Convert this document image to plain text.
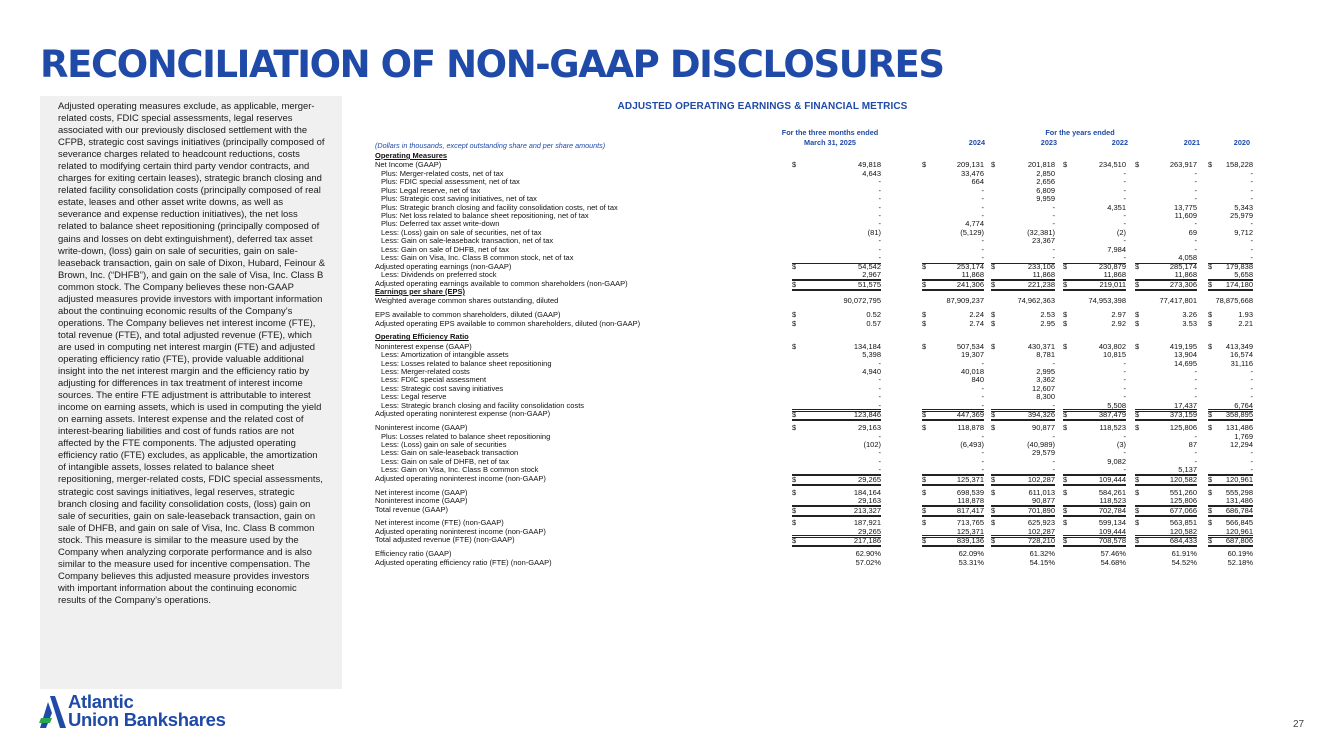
RECONCILIATION OF NON-GAAP DISCLOSURES

Adjusted operating measures exclude, as applicable, merger-related costs, FDIC special assessments, legal reserves associated with our previously disclosed settlement with the CFPB, strategic cost savings initiatives (principally composed of severance charges related to headcount reductions, costs related to modifying certain third party vendor contracts, and charges for exiting certain leases), strategic branch closing and related facility consolidation costs (principally composed of real estate, leases and other asset write downs, as well as severance and expense reduction initiatives), the net loss related to balance sheet repositioning (principally composed of gains and losses on debt extinguishment), deferred tax asset write-down, (loss) gain on sale of securities, gain on sale-leaseback transaction, gain on sale of Dixon, Hubard, Feinour & Brown, Inc. (“DHFB”), and gain on the sale of Visa, Inc. Class B common stock. The Company believes these non-GAAP adjusted measures provide investors with important information about the continuing economic results of the Company’s operations. The Company believes net interest income (FTE), total revenue (FTE), and total adjusted revenue (FTE), which are used in computing net interest margin (FTE) and adjusted operating efficiency ratio (FTE), provide valuable additional insight into the net interest margin and the efficiency ratio by adjusting for differences in tax treatment of interest income sources. The entire FTE adjustment is attributable to interest income on earning assets, which is used in computing the yield on earning assets. Interest expense and the related cost of interest-bearing liabilities and cost of funds ratios are not affected by the FTE components. The adjusted operating efficiency ratio (FTE) excludes, as applicable, the amortization of intangible assets, losses related to balance sheet repositioning, merger-related costs, FDIC special assessments, strategic cost savings initiatives, legal reserves, strategic branch closing and facility consolidation costs, (loss) gain on sale of securities, gain on sale-leaseback transaction, gain on sale of DHFB, and gain on sale of Visa, Inc. Class B common stock. This measure is similar to the measure used by the Company when analyzing corporate performance and is also similar to the measure used for incentive compensation. The Company believes this adjusted measure provides investors with important information about the continuing economic results of the Company’s operations.

Atlantic
Union Bankshares	27
ADJUSTED OPERATING EARNINGS & FINANCIAL METRICS
For the three months ended
March 31, 2025
For the years ended
2024	2023	2022	2021	2020
(Dollars in thousands, except outstanding share and per share amounts)
Operating Measures
Net Income (GAAP)	$	49,818	$	209,131 $	201,818 $	234,510 $	263,917 $ 158,228
Plus: Merger-related costs, net of tax	4,643	33,476	2,850	-	-	-
Plus: FDIC special assessment, net of tax	-	664	2,656	-	-	-
Plus: Legal reserve, net of tax	-	-	6,809	-	-	-
Plus: Strategic cost saving initiatives, net of tax	-	-	9,959	-	-	-
Plus: Strategic branch closing and facility consolidation costs, net of tax	-	-	-	4,351	13,775	5,343
Plus: Net loss related to balance sheet repositioning, net of tax	-	-	-	-	11,609	25,979
Plus: Deferred tax asset write-down	-	4,774	-	-	-	-
Less: (Loss) gain on sale of securities, net of tax	(81)	(5,129)	(32,381)	(2)	69	9,712
Less: Gain on sale-leaseback transaction, net of tax	-	-	23,367	-	-	-
Less: Gain on sale of DHFB, net of tax	-	-	-	7,984	-	-
Less: Gain on Visa, Inc. Class B common stock, net of tax	-	-	-	-	4,058	-
Adjusted operating earnings (non-GAAP)	$	54,542	$	253,174 $	233,106 $	230,879 $	285,174 $ 179,838
Less: Dividends on preferred stock	2,967	11,868	11,868	11,868	11,868	5,658
Adjusted operating earnings available to common shareholders (non-GAAP)	$	51,575	$	241,306 $	221,238 $	219,011 $	273,306 $ 174,180
Earnings per share (EPS)
Weighted average common shares outstanding, diluted	90,072,795	87,909,237	74,962,363	74,953,398	77,417,801 78,875,668
EPS available to common shareholders, diluted (GAAP)	$	0.52	$	2.24 $	2.53 $	2.97 $	3.26 $	1.93
Adjusted operating EPS available to common shareholders, diluted (non-GAAP)	$	0.57	$	2.74 $	2.95 $	2.92 $	3.53 $	2.21
Operating Efficiency Ratio
Noninterest expense (GAAP)	$	134,184	$	507,534 $	430,371 $	403,802 $	419,195 $ 413,349
Less: Amortization of intangible assets	5,398	19,307	8,781	10,815	13,904	16,574
Less: Losses related to balance sheet repositioning	-	-	-	-	14,695	31,116
Less: Merger-related costs	4,940	40,018	2,995	-	-	-
Less: FDIC special assessment	-	840	3,362	-	-	-
Less: Strategic cost saving initiatives	-	-	12,607	-	-	-
Less: Legal reserve	-	-	8,300	-	-	-
Less: Strategic branch closing and facility consolidation costs	-	-	-	5,508	17,437	6,764
Adjusted operating noninterest expense (non-GAAP)	$	123,846	$	447,369 $	394,326 $	387,479 $	373,159 $ 358,895
Noninterest income (GAAP)	$	29,163	$	118,878 $	90,877 $	118,523 $	125,806 $ 131,486
Plus: Losses related to balance sheet repositioning	-	-	-	-	-	1,769
Less: (Loss) gain on sale of securities	(102)	(6,493)	(40,989)	(3)	87	12,294
Less: Gain on sale-leaseback transaction	-	-	29,579	-	-	-
Less: Gain on sale of DHFB, net of tax	-	-	-	9,082	-	-
Less: Gain on Visa, Inc. Class B common stock	-	-	-	-	5,137	-
Adjusted operating noninterest income (non-GAAP)	$	29,265	$	125,371 $	102,287 $	109,444 $	120,582 $ 120,961
Net interest income (GAAP)	$	184,164	$	698,539 $	611,013 $	584,261 $	551,260 $ 555,298
Noninterest income (GAAP)	29,163	118,878	90,877	118,523	125,806	131,486
Total revenue (GAAP)	$	213,327	$	817,417 $	701,890 $	702,784 $	677,066 $ 686,784
Net interest income (FTE) (non-GAAP)	$	187,921	$	713,765 $	625,923 $	599,134 $	563,851 $ 566,845
Adjusted operating noninterest income (non-GAAP)	29,265	125,371	102,287	109,444	120,582	120,961
Total adjusted revenue (FTE) (non-GAAP)	$	217,186	$	839,136 $	728,210 $	708,578 $	684,433 $ 687,806
Efficiency ratio (GAAP)	62.90%	62.09%	61.32%	57.46%	61.91%	60.19%
Adjusted operating efficiency ratio (FTE) (non-GAAP)	57.02%	53.31%	54.15%	54.68%	54.52%	52.18%
